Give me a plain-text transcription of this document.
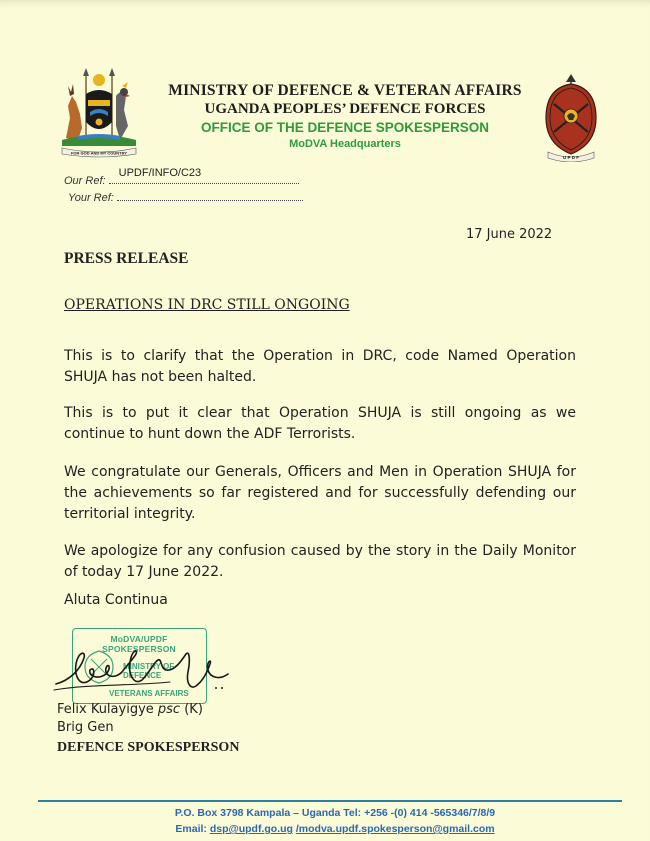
FOR GOD AND MY COUNTRY
U P D F
MINISTRY OF DEFENCE & VETERAN AFFAIRS
UGANDA PEOPLES’ DEFENCE FORCES
OFFICE OF THE DEFENCE SPOKESPERSON
MoDVA Headquarters
Our Ref:
UPDF/INFO/C23
Your Ref:
17 June 2022
PRESS RELEASE
OPERATIONS IN DRC STILL ONGOING
This is to clarify that the Operation in DRC, code Named Operation SHUJA has not been halted.
This is to put it clear that Operation SHUJA is still ongoing as we continue to hunt down the ADF Terrorists.
We congratulate our Generals, Officers and Men in Operation SHUJA for the achievements so far registered and for successfully defending our territorial integrity.
We apologize for any confusion caused by the story in the Daily Monitor of today 17 June 2022.
Aluta Continua
MoDVA/UPDF SPOKESPERSON
MINISTRY OF DEFENCE
VETERANS AFFAIRS
Felix Kulayigye psc (K)
Brig Gen
DEFENCE SPOKESPERSON
P.O. Box 3798 Kampala – Uganda Tel: +256 -(0) 414 -565346/7/8/9
Email: dsp@updf.go.ug /modva.updf.spokesperson@gmail.com
